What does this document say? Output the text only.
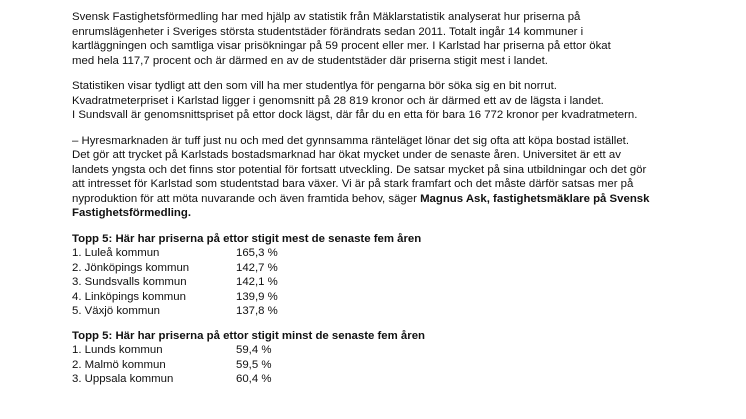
Svensk Fastighetsförmedling har med hjälp av statistik från Mäklarstatistik analyserat hur priserna på
enrumslägenheter i Sveriges största studentstäder förändrats sedan 2011. Totalt ingår 14 kommuner i
kartläggningen och samtliga visar prisökningar på 59 procent eller mer. I Karlstad har priserna på ettor ökat
med hela 117,7 procent och är därmed en av de studentstäder där priserna stigit mest i landet.

Statistiken visar tydligt att den som vill ha mer studentlya för pengarna bör söka sig en bit norrut.
Kvadratmeterpriset i Karlstad ligger i genomsnitt på 28 819 kronor och är därmed ett av de lägsta i landet.
I Sundsvall är genomsnittspriset på ettor dock lägst, där får du en etta för bara 16 772 kronor per kvadratmetern.

– Hyresmarknaden är tuff just nu och med det gynnsamma ränteläget lönar det sig ofta att köpa bostad istället.
Det gör att trycket på Karlstads bostadsmarknad har ökat mycket under de senaste åren. Universitet är ett av
landets yngsta och det finns stor potential för fortsatt utveckling. De satsar mycket på sina utbildningar och det gör
att intresset för Karlstad som studentstad bara växer. Vi är på stark framfart och det måste därför satsas mer på
nyproduktion för att möta nuvarande och även framtida behov, säger Magnus Ask, fastighetsmäklare på Svensk
Fastighetsförmedling.

Topp 5: Här har priserna på ettor stigit mest de senaste fem åren

1. Luleå kommun	165,3 %
2. Jönköpings kommun	142,7 %
3. Sundsvalls kommun	142,1 %
4. Linköpings kommun	139,9 %
5. Växjö kommun	137,8 %

Topp 5: Här har priserna på ettor stigit minst de senaste fem åren

1. Lunds kommun	59,4 %
2. Malmö kommun	59,5 %
3. Uppsala kommun	60,4 %
